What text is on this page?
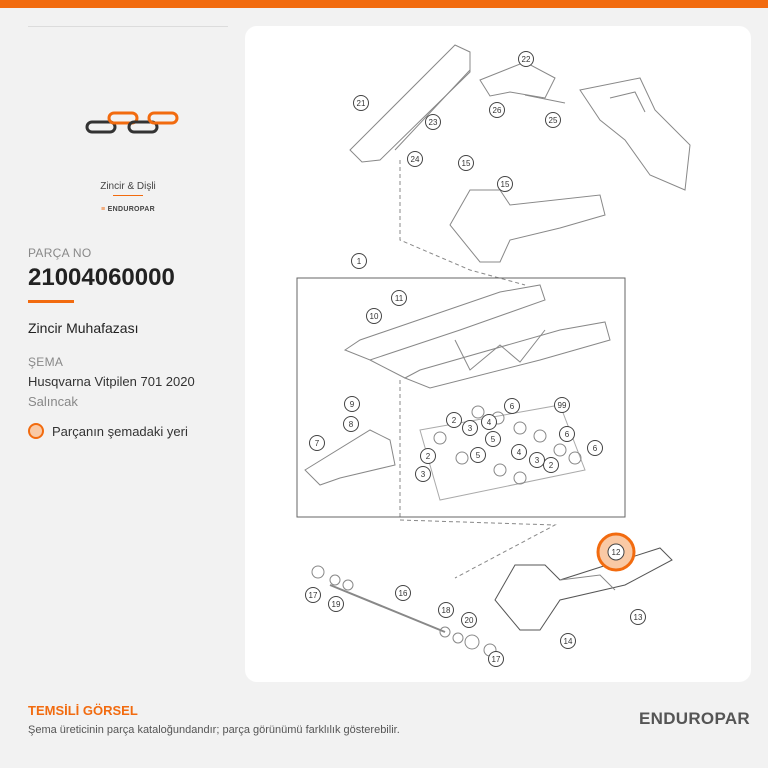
Zincir & Dişli
≡ ENDUROPAR
PARÇA NO
21004060000
Zincir Muhafazası
ŞEMA
Husqvarna Vitpilen 701 2020
Salıncak
Parçanın şemadaki yeri
21
22
23
24
25
26
15
15
1
11
10
9
8
7
2
3
4
5
6	99
6
2
4
3
5
2
3
6
12
13
14
16
17
18
19
20
17
TEMSİLİ GÖRSEL
Şema üreticinin parça kataloğundandır; parça görünümü farklılık gösterebilir.
ENDUROPAR
